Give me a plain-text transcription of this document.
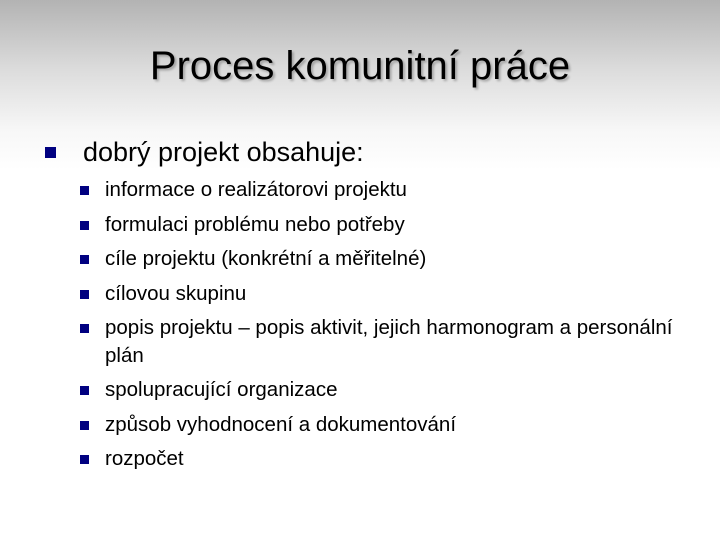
Proces komunitní práce
dobrý projekt obsahuje:
informace o realizátorovi projektu
formulaci problému nebo potřeby
cíle projektu (konkrétní a měřitelné)
cílovou skupinu
popis projektu – popis aktivit, jejich harmonogram a personální plán
spolupracující organizace
způsob vyhodnocení a dokumentování
rozpočet
